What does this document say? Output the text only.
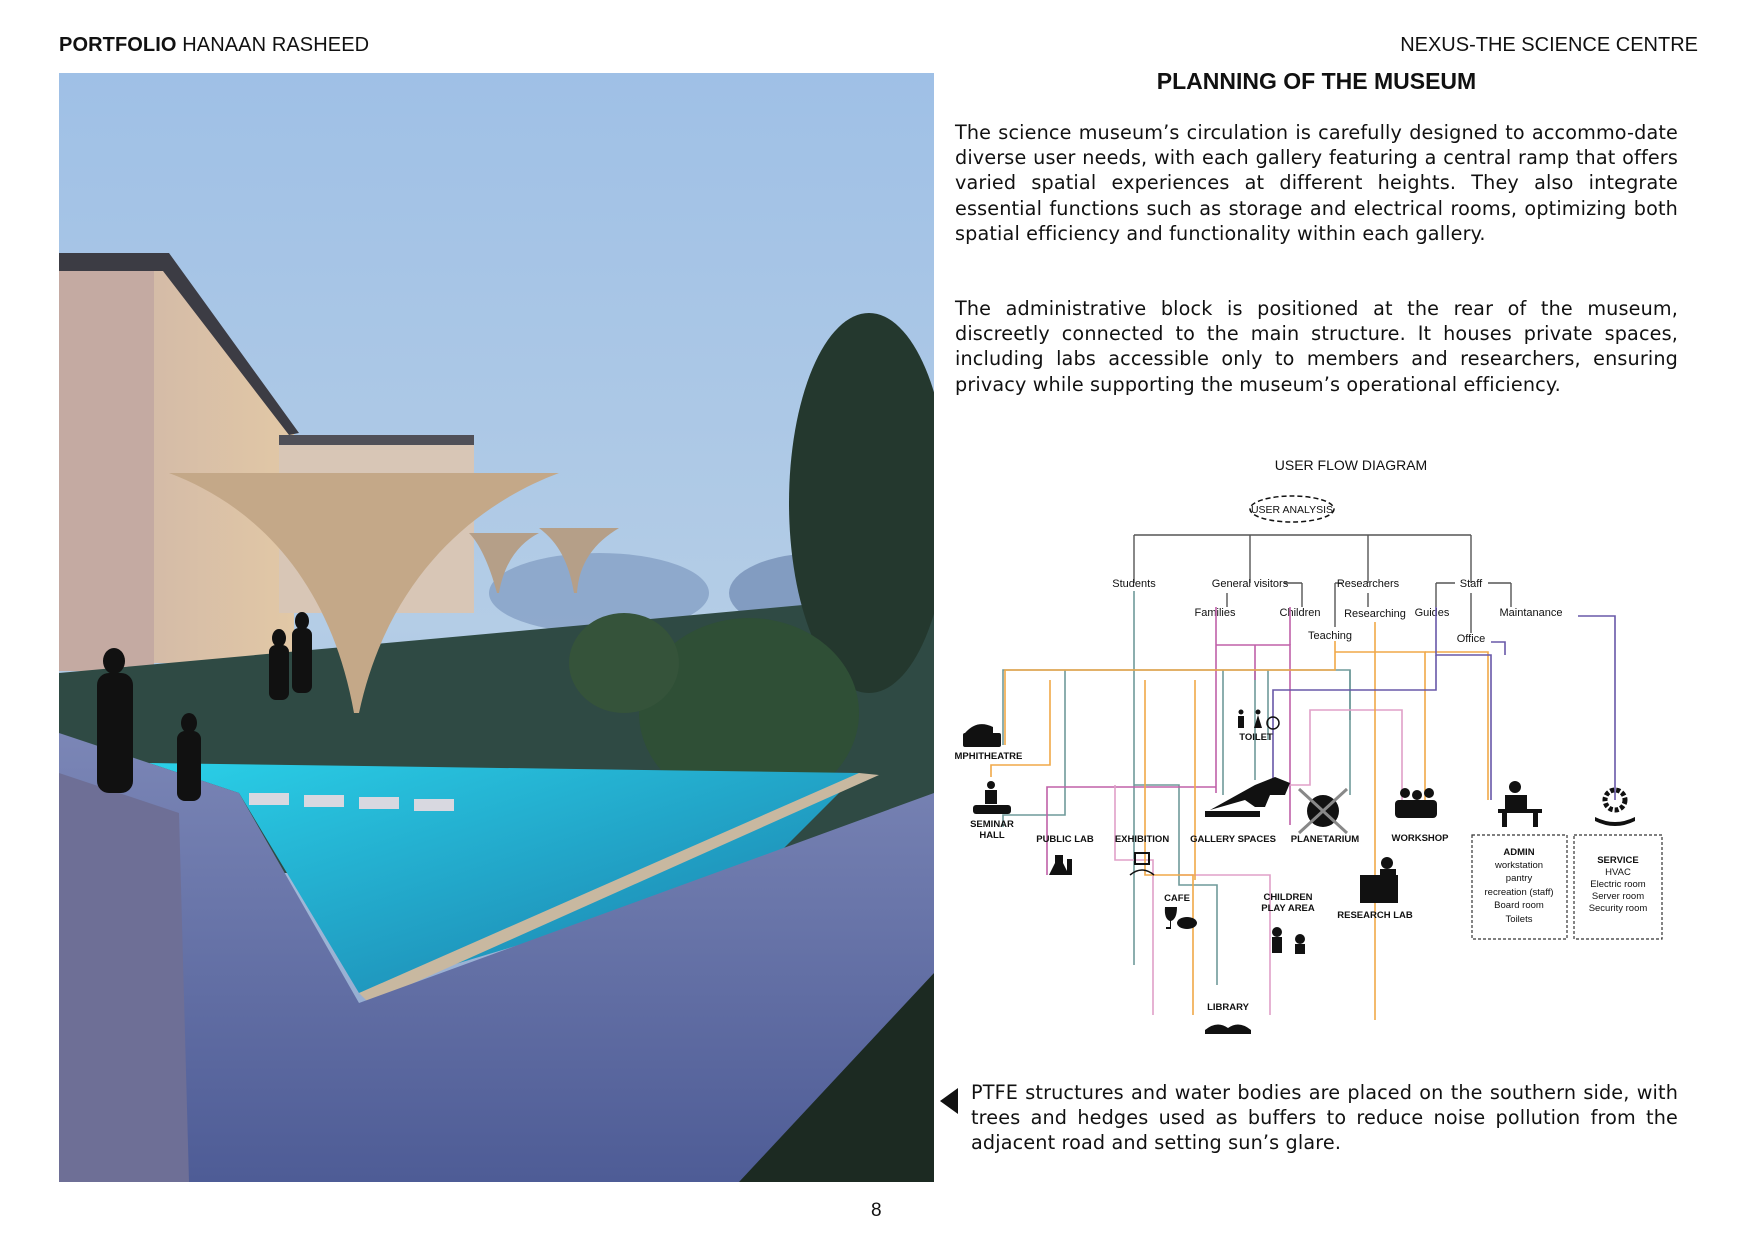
PORTFOLIO HANAAN RASHEED	NEXUS-THE SCIENCE CENTRE
PLANNING OF THE MUSEUM

The science museum’s circulation is carefully designed to accommo-date diverse user needs, with each gallery featuring a central ramp that offers varied spatial experiences at different heights. They also integrate essential functions such as storage and electrical rooms, optimizing both spatial efficiency and functionality within each gallery.

The administrative block is positioned at the rear of the museum, discreetly connected to the main structure. It houses private spaces, including labs accessible only to members and researchers, ensuring privacy while supporting the museum’s operational efficiency.

USER FLOW DIAGRAM
USER ANALYSIS
Students	General visitors	Researchers	Staff
Families	Children Researching
Teaching
Guides
Office
Maintanance
AMPHITHEATRE
SEMINAR
HALL	PUBLIC LAB EXHIBITION GALLERY SPACES PLANETARIUM	WORKSHOP
TOILET
CAFE	CHILDREN
PLAY AREA
RESEARCH LAB
LIBRARY
ADMIN
workstation
pantry
recreation (staff)
Board room
Toilets
SERVICE
HVAC
Electric room
Server room
Security room

PTFE structures and water bodies are placed on the southern side, with trees and hedges used as buffers to reduce noise pollution from the adjacent road and setting sun’s glare.

8
